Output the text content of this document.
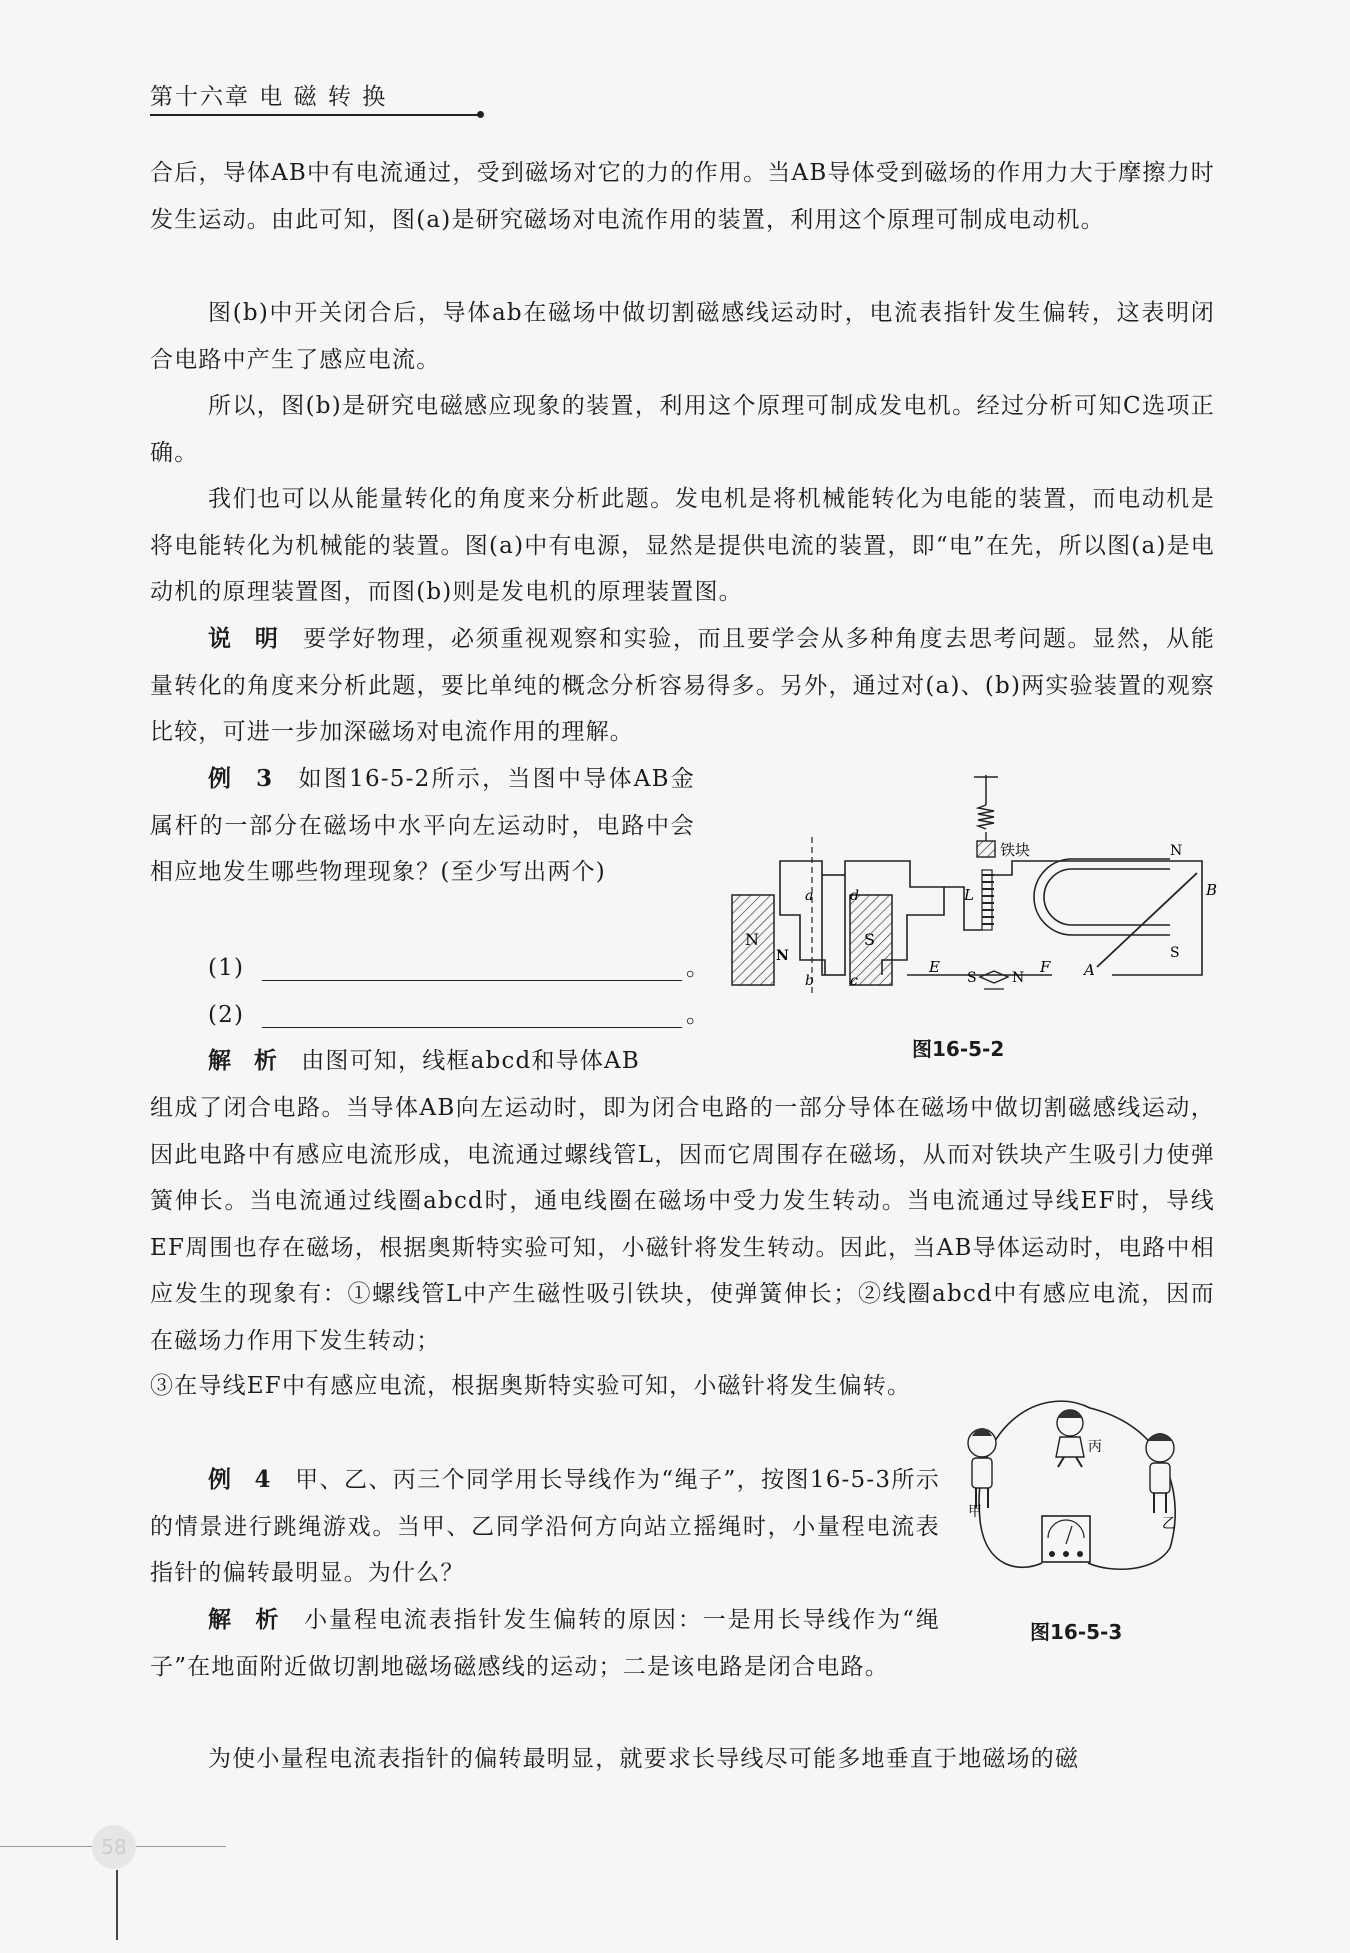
第十六章 电 磁 转 换

合后，导体AB中有电流通过，受到磁场对它的力的作用。当AB导体受到磁场的作用力大于摩擦力时发生运动。由此可知，图(a)是研究磁场对电流作用的装置，利用这个原理可制成电动机。

图(b)中开关闭合后，导体ab在磁场中做切割磁感线运动时，电流表指针发生偏转，这表明闭合电路中产生了感应电流。

所以，图(b)是研究电磁感应现象的装置，利用这个原理可制成发电机。经过分析可知C选项正确。

我们也可以从能量转化的角度来分析此题。发电机是将机械能转化为电能的装置，而电动机是将电能转化为机械能的装置。图(a)中有电源，显然是提供电流的装置，即“电”在先，所以图(a)是电动机的原理装置图，而图(b)则是发电机的原理装置图。

说　明　 要学好物理，必须重视观察和实验，而且要学会从多种角度去思考问题。显然，从能量转化的角度来分析此题，要比单纯的概念分析容易得多。另外，通过对(a)、(b)两实验装置的观察比较，可进一步加深磁场对电流作用的理解。

例　3　 如图16-5-2所示，当图中导体AB金属杆的一部分在磁场中水平向左运动时，电路中会相应地发生哪些物理现象？(至少写出两个)

(1)	。
(2)	。

解　析　 由图可知，线框abcd和导体AB

组成了闭合电路。当导体AB向左运动时，即为闭合电路的一部分导体在磁场中做切割磁感线运动，因此电路中有感应电流形成，电流通过螺线管L，因而它周围存在磁场，从而对铁块产生吸引力使弹簧伸长。当电流通过线圈abcd时，通电线圈在磁场中受力发生转动。当电流通过导线EF时，导线EF周围也存在磁场，根据奥斯特实验可知，小磁针将发生转动。因此，当AB导体运动时，电路中相应发生的现象有：①螺线管L中产生磁性吸引铁块，使弹簧伸长；②线圈abcd中有感应电流，因而在磁场力作用下发生转动；

③在导线EF中有感应电流，根据奥斯特实验可知，小磁针将发生偏转。

例　4　 甲、乙、丙三个同学用长导线作为“绳子”，按图16-5-3所示的情景进行跳绳游戏。当甲、乙同学沿何方向站立摇绳时，小量程电流表指针的偏转最明显。为什么？

解　析　 小量程电流表指针发生偏转的原因：一是用长导线作为“绳子”在地面附近做切割地磁场磁感线的运动；二是该电路是闭合电路。

为使小量程电流表指针的偏转最明显，就要求长导线尽可能多地垂直于地磁场的磁

铁块
N
N	S
a
b	c
d	L
E	F
S	N
N
S
A
B
图16-5-2
甲
丙
乙
图16-5-3
58
